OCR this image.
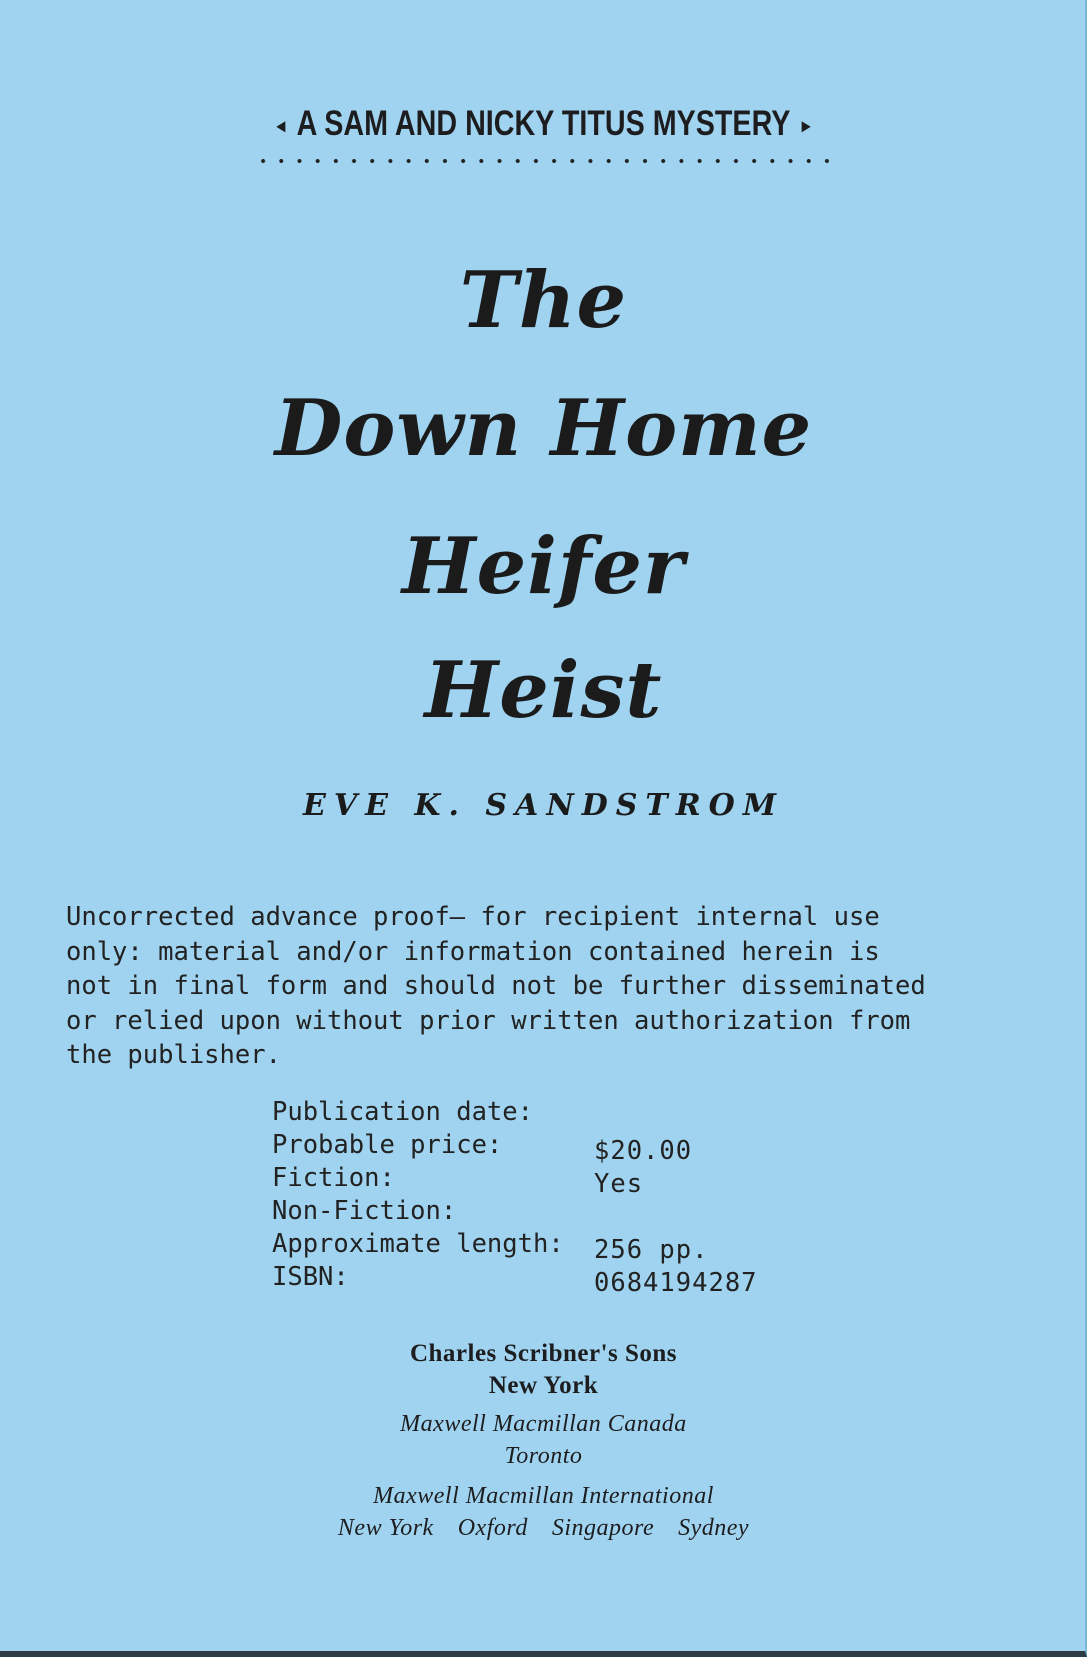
◂ A SAM AND NICKY TITUS MYSTERY ▸
The
Down Home
Heifer
Heist
EVE K. SANDSTROM
Uncorrected advance proof— for recipient internal use
only: material and/or information contained herein is
not in final form and should not be further disseminated
or relied upon without prior written authorization from
the publisher.
Publication date:
Probable price:	$20.00
Fiction:	Yes
Non-Fiction:
Approximate length: 256 pp.
ISBN:	0684194287
Charles Scribner's Sons
New York
Maxwell Macmillan Canada
Toronto
Maxwell Macmillan International
New York Oxford Singapore Sydney
